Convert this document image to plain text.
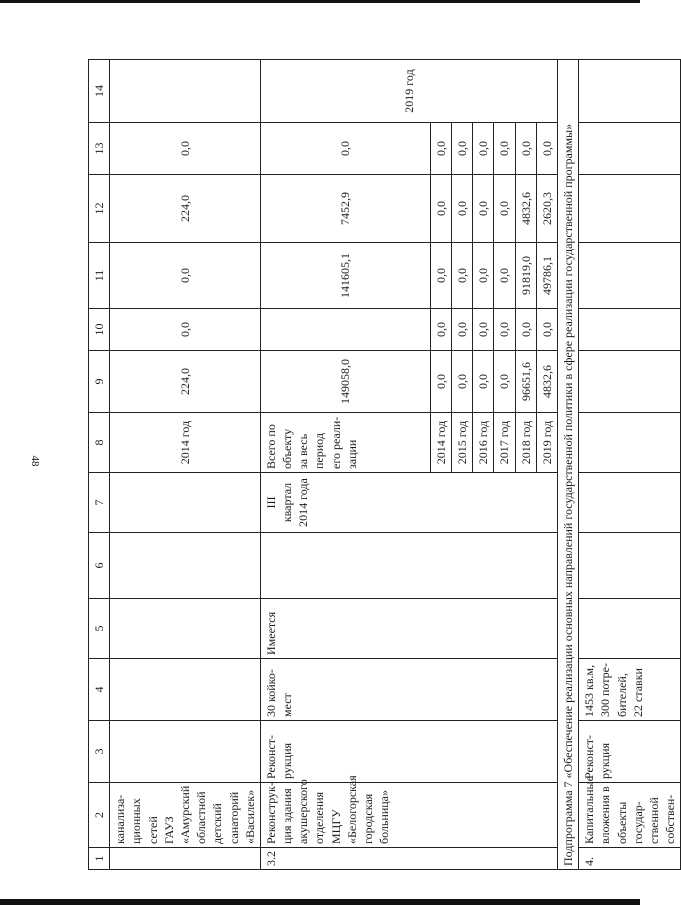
48
1	2	3	4	5	6	7	8	9	10	11	12	13	14
	канализа- ционных сетей ГАУЗ «Амурский областной детский санаторий «Василек»						2014 год	224,0	0,0	0,0	224,0	0,0	
3.2	Реконструк- ция здания акушерского отделения МЦГУ «Белогорская городская больница»	Реконст- рукция	30 койко- мест	Имеется		III квартал 2014 года	Всего по объекту за весь период его реали- зации	149058,0		141605,1	7452,9	0,0	2019 год
							2014 год	0,0	0,0	0,0	0,0	0,0	
							2015 год	0,0	0,0	0,0	0,0	0,0	
							2016 год	0,0	0,0	0,0	0,0	0,0	
							2017 год	0,0	0,0	0,0	0,0	0,0	
							2018 год	96651,6	0,0	91819,0	4832,6	0,0	
							2019 год	4832,6	0,0	49786,1	2620,3	0,0	
Подпрограмма 7 «Обеспечение реализации основных направлений государственной политики в сфере реализации государственной программы»													
4.	Капитальные вложения в объекты государ- ственной собствен-	Реконст- рукция	1453 кв.м, 300 потре- бителей, 22 ставки										
